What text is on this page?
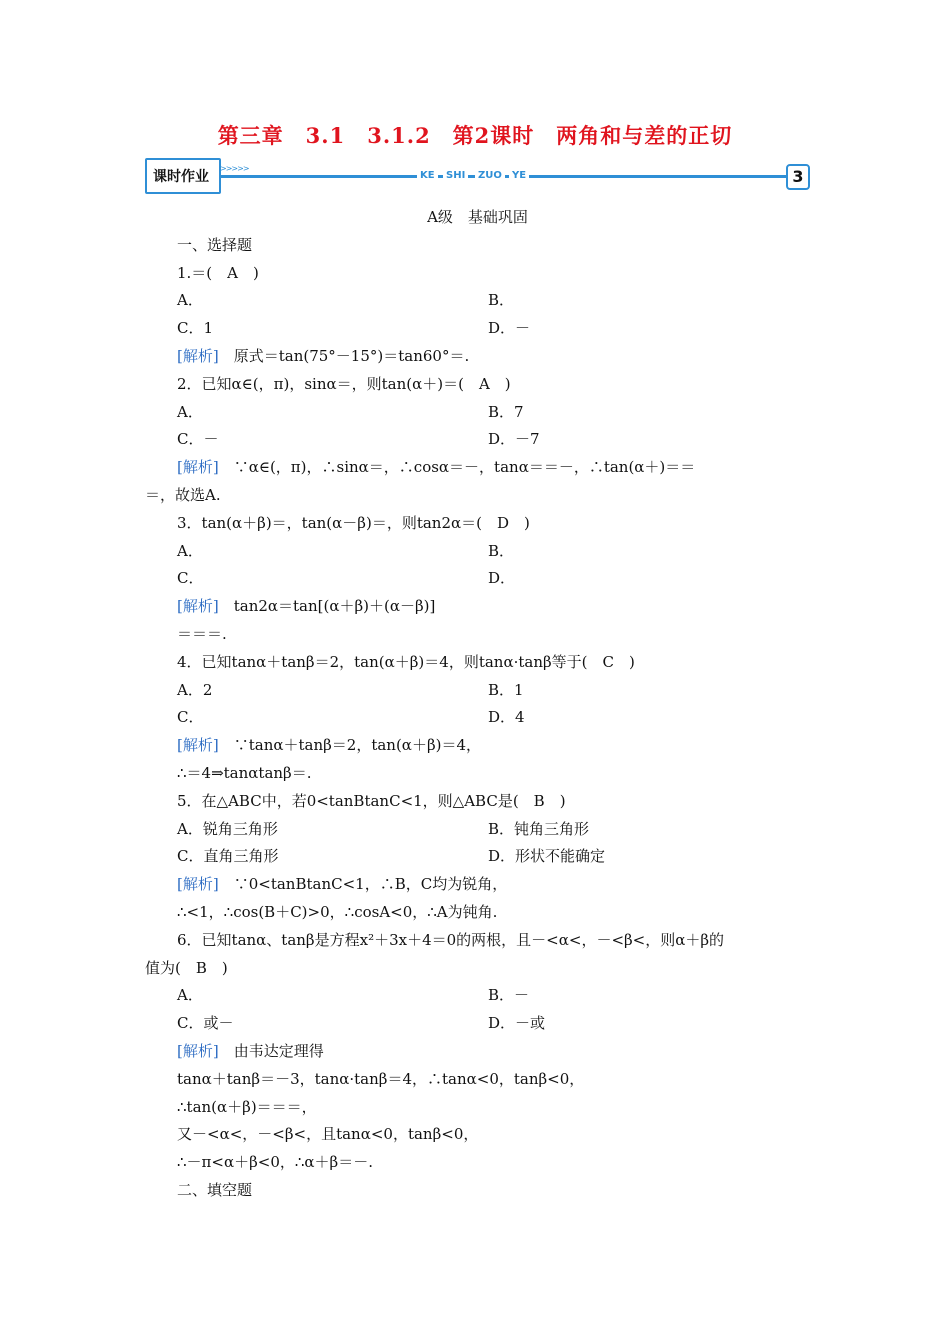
第三章　3.1　3.1.2　第2课时　两角和与差的正切
课时作业
>>>>>
KE	SHI	ZUO	YE	3
A级　基础巩固
一、选择题
1.＝(　A　)
A．	B．
C．1	D．－
[解析]　原式＝tan(75°－15°)＝tan60°＝.
2．已知α∈(，π)，sinα＝，则tan(α＋)＝(　A　)
A．	B．7
C．－	D．－7
[解析]　∵α∈(，π)，∴sinα＝，∴cosα＝－，tanα＝＝－，∴tan(α＋)＝＝
＝，故选A.
3．tan(α＋β)＝，tan(α－β)＝，则tan2α＝(　D　)
A．	B．
C．	D．
[解析]　tan2α＝tan[(α＋β)＋(α－β)]
＝＝＝.
4．已知tanα＋tanβ＝2，tan(α＋β)＝4，则tanα·tanβ等于(　C　)
A．2	B．1
C．	D．4
[解析]　∵tanα＋tanβ＝2，tan(α＋β)＝4，
∴＝4⇒tanαtanβ＝.
5．在△ABC中，若0<tanBtanC<1，则△ABC是(　B　)
A．锐角三角形	B．钝角三角形
C．直角三角形	D．形状不能确定
[解析]　∵0<tanBtanC<1，∴B，C均为锐角，
∴<1，∴cos(B＋C)>0，∴cosA<0，∴A为钝角.
6．已知tanα、tanβ是方程x²＋3x＋4＝0的两根，且－<α<，－<β<，则α＋β的
值为(　B　)
A．	B．－
C．或－	D．－或
[解析]　由韦达定理得
tanα＋tanβ＝－3，tanα·tanβ＝4，∴tanα<0，tanβ<0，
∴tan(α＋β)＝＝＝，
又－<α<，－<β<，且tanα<0，tanβ<0，
∴－π<α＋β<0，∴α＋β＝－.
二、填空题
